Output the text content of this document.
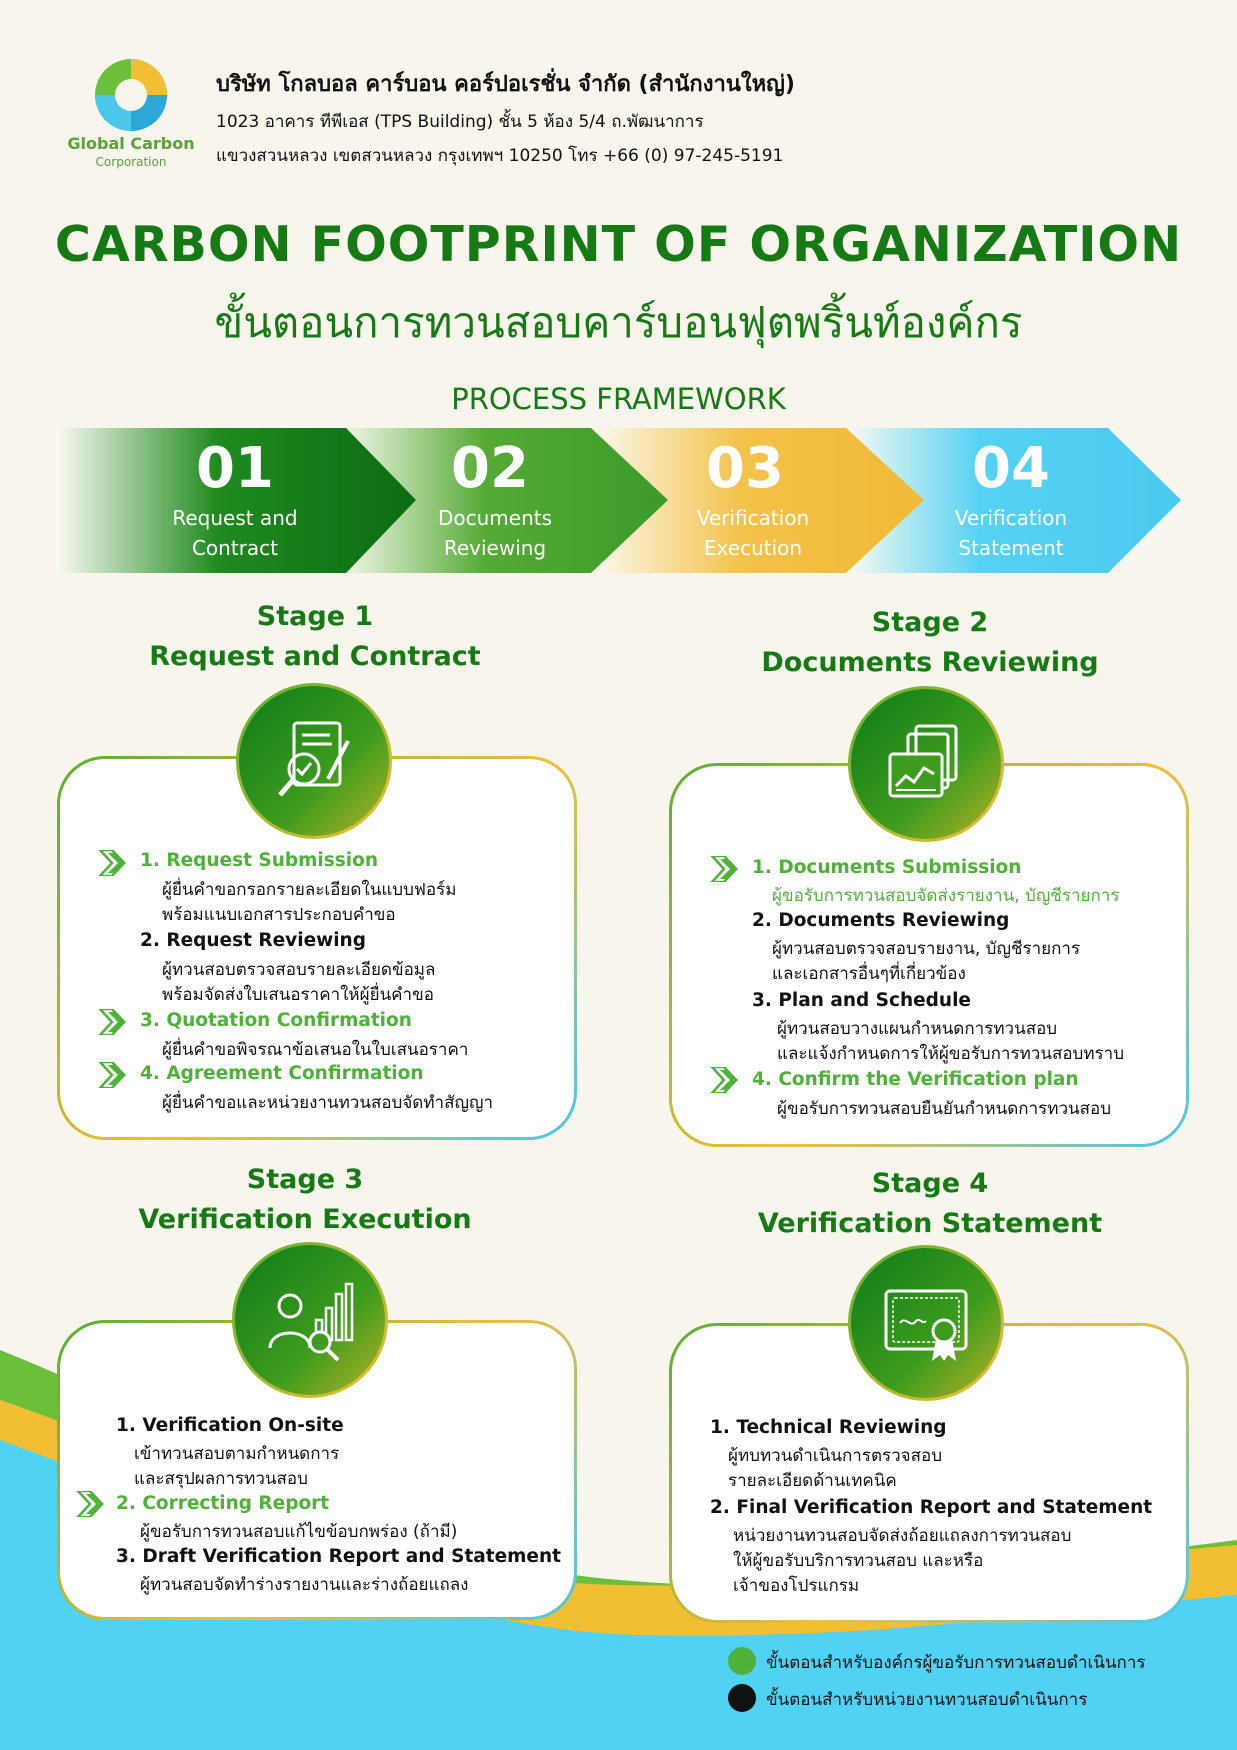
Global Carbon
Corporation
บริษัท โกลบอล คาร์บอน คอร์ปอเรชั่น จำกัด (สำนักงานใหญ่)
1023 อาคาร ทีพีเอส (TPS Building) ชั้น 5 ห้อง 5/4 ถ.พัฒนาการ
แขวงสวนหลวง เขตสวนหลวง กรุงเทพฯ 10250 โทร +66 (0) 97-245-5191
CARBON FOOTPRINT OF ORGANIZATION
ขั้นตอนการทวนสอบคาร์บอนฟุตพริ้นท์องค์กร
PROCESS FRAMEWORK
01
Request and
Contract
02
Documents
Reviewing
03
Verification
Execution
04
Verification
Statement
Stage 1
Request and Contract
1. Request Submission
ผู้ยื่นคำขอกรอกรายละเอียดในแบบฟอร์ม
พร้อมแนบเอกสารประกอบคำขอ
2. Request Reviewing
ผู้ทวนสอบตรวจสอบรายละเอียดข้อมูล
พร้อมจัดส่งใบเสนอราคาให้ผู้ยื่นคำขอ
3. Quotation Confirmation
ผู้ยื่นคำขอพิจรณาข้อเสนอในใบเสนอราคา
4. Agreement Confirmation
ผู้ยื่นคำขอและหน่วยงานทวนสอบจัดทำสัญญา
Stage 2
Documents Reviewing
1. Documents Submission
ผู้ขอรับการทวนสอบจัดส่งรายงาน, บัญชีรายการ
2. Documents Reviewing
ผู้ทวนสอบตรวจสอบรายงาน, บัญชีรายการ
และเอกสารอื่นๆที่เกี่ยวข้อง
3. Plan and Schedule
ผู้ทวนสอบวางแผนกำหนดการทวนสอบ
และแจ้งกำหนดการให้ผู้ขอรับการทวนสอบทราบ
4. Confirm the Verification plan
ผู้ขอรับการทวนสอบยืนยันกำหนดการทวนสอบ
Stage 3
Verification Execution
1. Verification On-site
เข้าทวนสอบตามกำหนดการ
และสรุปผลการทวนสอบ
2. Correcting Report
ผู้ขอรับการทวนสอบแก้ไขข้อบกพร่อง (ถ้ามี)
3. Draft Verification Report and Statement
ผู้ทวนสอบจัดทำร่างรายงานและร่างถ้อยแถลง
Stage 4
Verification Statement
1. Technical Reviewing
ผู้ทบทวนดำเนินการตรวจสอบ
รายละเอียดด้านเทคนิค
2. Final Verification Report and Statement
หน่วยงานทวนสอบจัดส่งถ้อยแถลงการทวนสอบ
ให้ผู้ขอรับบริการทวนสอบ และหรือ
เจ้าของโปรแกรม
ขั้นตอนสำหรับองค์กรผู้ขอรับการทวนสอบดำเนินการ
ขั้นตอนสำหรับหน่วยงานทวนสอบดำเนินการ
